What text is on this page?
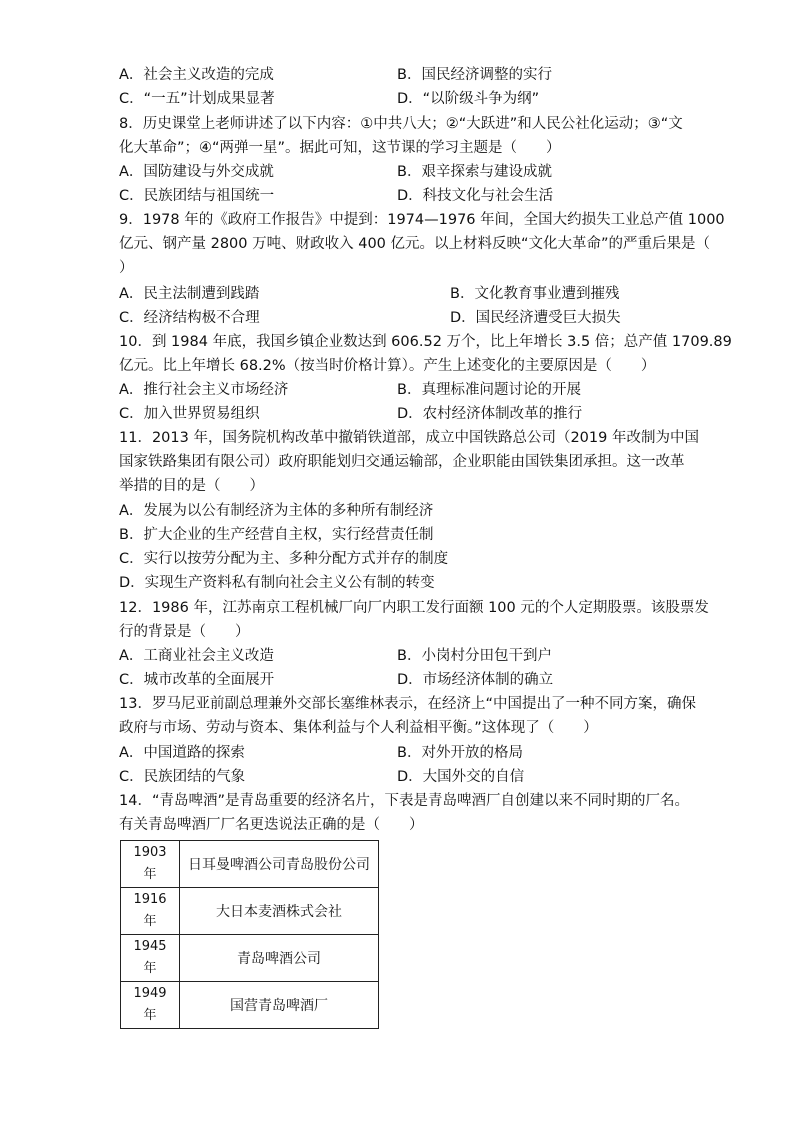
A．社会主义改造的完成	B．国民经济调整的实行
C．“一五”计划成果显著	D．“以阶级斗争为纲”
8．历史课堂上老师讲述了以下内容：①中共八大；②“大跃进”和人民公社化运动；③“文
化大革命”；④“两弹一星”。据此可知，这节课的学习主题是（　　）
A．国防建设与外交成就	B．艰辛探索与建设成就
C．民族团结与祖国统一	D．科技文化与社会生活
9．1978 年的《政府工作报告》中提到：1974—1976 年间，全国大约损失工业总产值 1000
亿元、钢产量 2800 万吨、财政收入 400 亿元。以上材料反映“文化大革命”的严重后果是（
）
A．民主法制遭到践踏	B．文化教育事业遭到摧残
C．经济结构极不合理	D．国民经济遭受巨大损失
10．到 1984 年底，我国乡镇企业数达到 606.52 万个，比上年增长 3.5 倍；总产值 1709.89
亿元。比上年增长 68.2%（按当时价格计算）。产生上述变化的主要原因是（　　）
A．推行社会主义市场经济	B．真理标准问题讨论的开展
C．加入世界贸易组织	D．农村经济体制改革的推行
11．2013 年，国务院机构改革中撤销铁道部，成立中国铁路总公司（2019 年改制为中国
国家铁路集团有限公司）政府职能划归交通运输部，企业职能由国铁集团承担。这一改革
举措的目的是（　　）
A．发展为以公有制经济为主体的多种所有制经济
B．扩大企业的生产经营自主权，实行经营责任制
C．实行以按劳分配为主、多种分配方式并存的制度
D．实现生产资料私有制向社会主义公有制的转变
12．1986 年，江苏南京工程机械厂向厂内职工发行面额 100 元的个人定期股票。该股票发
行的背景是（　　）
A．工商业社会主义改造	B．小岗村分田包干到户
C．城市改革的全面展开	D．市场经济体制的确立
13．罗马尼亚前副总理兼外交部长塞维林表示，在经济上“中国提出了一种不同方案，确保
政府与市场、劳动与资本、集体利益与个人利益相平衡。”这体现了（　　）
A．中国道路的探索	B．对外开放的格局
C．民族团结的气象	D．大国外交的自信
14．“青岛啤酒”是青岛重要的经济名片，下表是青岛啤酒厂自创建以来不同时期的厂名。
有关青岛啤酒厂厂名更迭说法正确的是（　　）
1903
年	日耳曼啤酒公司青岛股份公司
1916
年	大日本麦酒株式会社
1945
年	青岛啤酒公司
1949
年	国营青岛啤酒厂
